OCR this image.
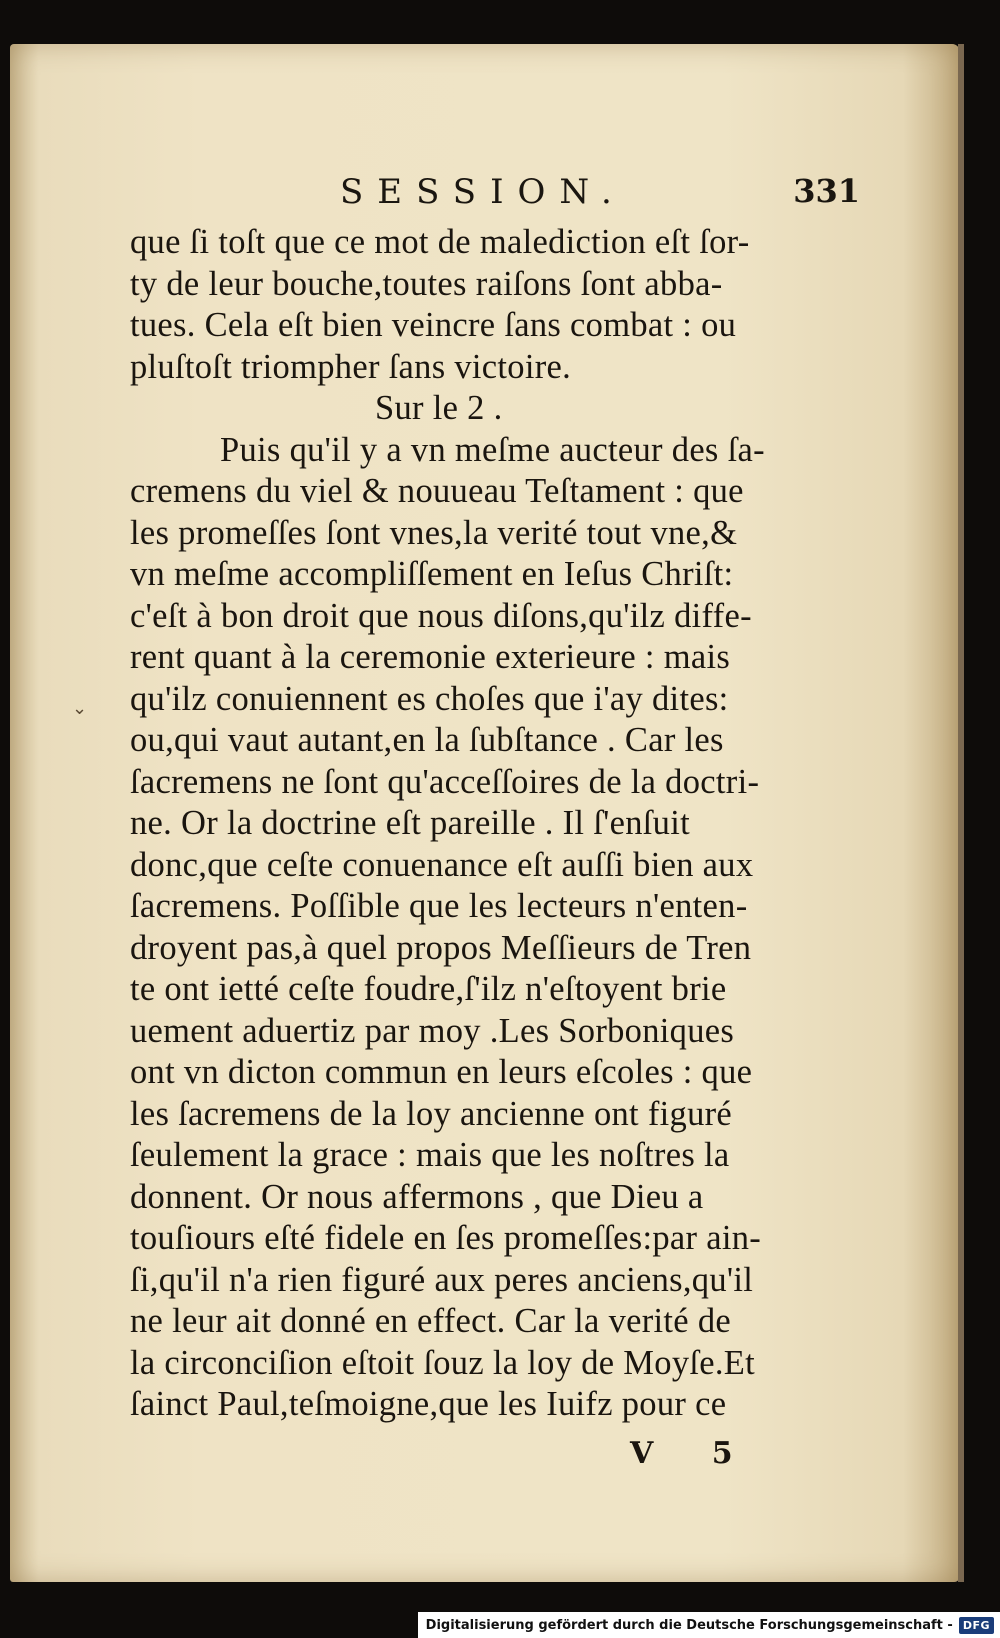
⌄
SESSION.	331
que ſi toſt que ce mot de malediction eſt ſor-
ty de leur bouche,toutes raiſons ſont abba-
tues. Cela eſt bien veincre ſans combat : ou
pluſtoſt triompher ſans victoire.
Sur le 2 .
Puis qu'il y a vn meſme aucteur des ſa-
cremens du viel & nouueau Teſtament : que
les promeſſes ſont vnes,la verité tout vne,&
vn meſme accompliſſement en Ieſus Chriſt:
c'eſt à bon droit que nous diſons,qu'ilz diffe-
rent quant à la ceremonie exterieure : mais
qu'ilz conuiennent es choſes que i'ay dites:
ou,qui vaut autant,en la ſubſtance . Car les
ſacremens ne ſont qu'acceſſoires de la doctri-
ne. Or la doctrine eſt pareille . Il ſ'enſuit
donc,que ceſte conuenance eſt auſſi bien aux
ſacremens. Poſſible que les lecteurs n'enten-
droyent pas,à quel propos Meſſieurs de Tren
te ont ietté ceſte foudre,ſ'ilz n'eſtoyent brie
uement aduertiz par moy .Les Sorboniques
ont vn dicton commun en leurs eſcoles : que
les ſacremens de la loy ancienne ont figuré
ſeulement la grace : mais que les noſtres la
donnent. Or nous affermons , que Dieu a
touſiours eſté fidele en ſes promeſſes:par ain-
ſi,qu'il n'a rien figuré aux peres anciens,qu'il
ne leur ait donné en effect. Car la verité de
la circonciſion eſtoit ſouz la loy de Moyſe.Et
ſainct Paul,teſmoigne,que les Iuifz pour ce
V 5
Digitalisierung gefördert durch die Deutsche Forschungsgemeinschaft - DFG
